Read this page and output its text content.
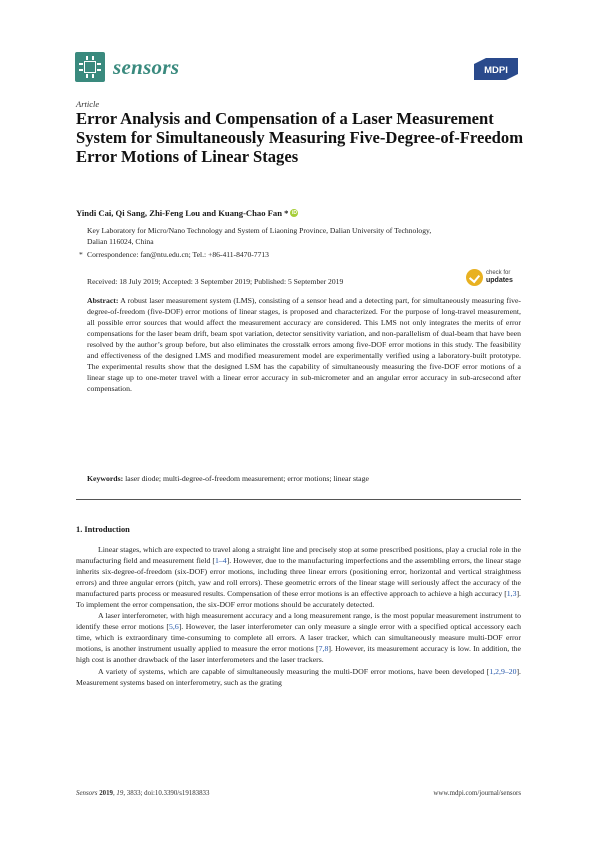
sensors	MDPI
Article
Error Analysis and Compensation of a Laser Measurement System for Simultaneously Measuring Five-Degree-of-Freedom Error Motions of Linear Stages
Yindi Cai, Qi Sang, Zhi-Feng Lou and Kuang-Chao Fan * iD
Key Laboratory for Micro/Nano Technology and System of Liaoning Province, Dalian University of Technology,
Dalian 116024, China
* Correspondence: fan@ntu.edu.cn; Tel.: +86-411-8470-7713
Received: 18 July 2019; Accepted: 3 September 2019; Published: 5 September 2019
check for
updates

Abstract: A robust laser measurement system (LMS), consisting of a sensor head and a detecting part, for simultaneously measuring five-degree-of-freedom (five-DOF) error motions of linear stages, is proposed and characterized. For the purpose of long-travel measurement, all possible error sources that would affect the measurement accuracy are considered. This LMS not only integrates the merits of error compensations for the laser beam drift, beam spot variation, detector sensitivity variation, and non-parallelism of dual-beam that have been resolved by the author’s group before, but also eliminates the crosstalk errors among five-DOF error motions in this study. The feasibility and effectiveness of the designed LMS and modified measurement model are experimentally verified using a laboratory-built prototype. The experimental results show that the designed LSM has the capability of simultaneously measuring the five-DOF error motions of a linear stage up to one-meter travel with a linear error accuracy in sub-micrometer and an angular error accuracy in sub-arcsecond after compensation.

Keywords: laser diode; multi-degree-of-freedom measurement; error motions; linear stage

1. Introduction

Linear stages, which are expected to travel along a straight line and precisely stop at some prescribed positions, play a crucial role in the manufacturing field and measurement field [1–4]. However, due to the manufacturing imperfections and the assembling errors, the linear stage inherits six-degree-of-freedom (six-DOF) error motions, including three linear errors (positioning error, horizontal and vertical straightness errors) and three angular errors (pitch, yaw and roll errors). These geometric errors of the linear stage will seriously affect the accuracy of the manufactured parts process or measured results. Compensation of these error motions is an effective approach to achieve a high accuracy [1,3]. To implement the error compensation, the six-DOF error motions should be accurately detected.

A laser interferometer, with high measurement accuracy and a long measurement range, is the most popular measurement instrument to identify these error motions [5,6]. However, the laser interferometer can only measure a single error with a specified optical accessory each time, which is extraordinary time-consuming to complete all errors. A laser tracker, which can simultaneously measure multi-DOF error motions, is another instrument usually applied to measure the error motions [7,8]. However, its measurement accuracy is low. In addition, the high cost is another drawback of the laser interferometers and the laser trackers.

A variety of systems, which are capable of simultaneously measuring the multi-DOF error motions, have been developed [1,2,9–20]. Measurement systems based on interferometry, such as the grating

Sensors 2019, 19, 3833; doi:10.3390/s19183833	www.mdpi.com/journal/sensors
